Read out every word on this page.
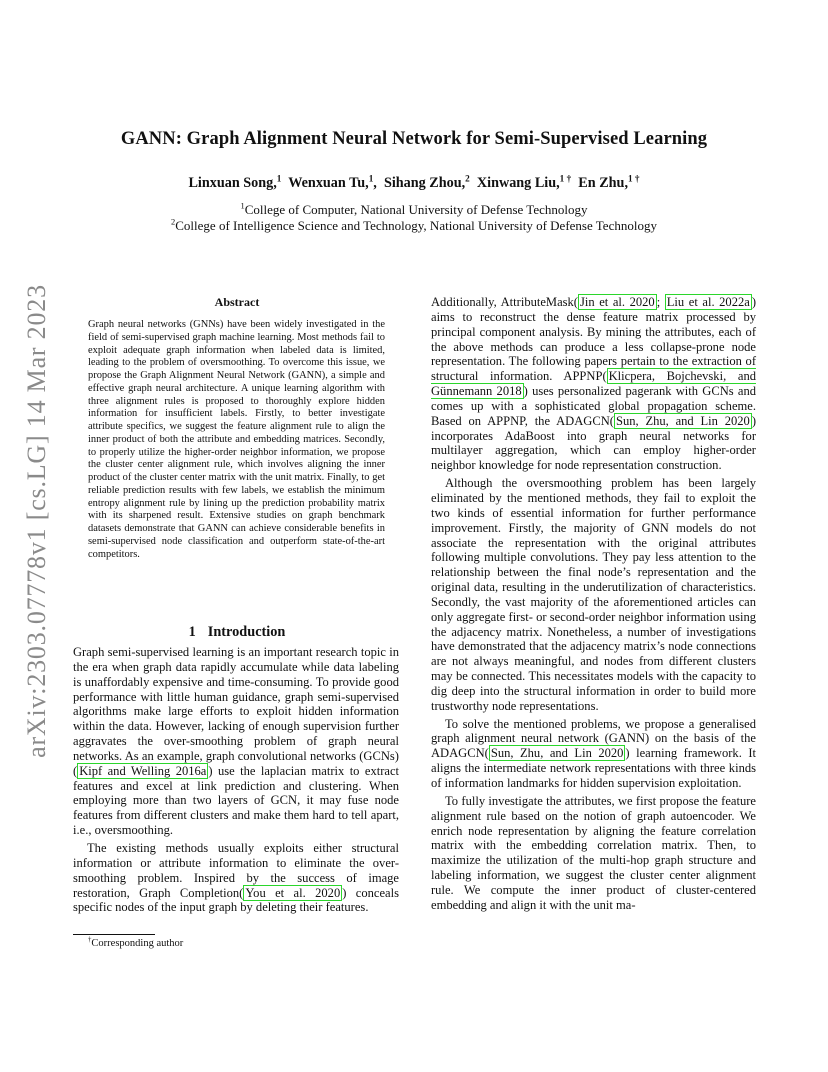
GANN: Graph Alignment Neural Network for Semi-Supervised Learning
Linxuan Song,$^1$ Wenxuan Tu,$^1$, Sihang Zhou,$^2$ Xinwang Liu,$^{1 \dagger}$ En Zhu,$^{1 \dagger}$
$^1$College of Computer, National University of Defense Technology
$^2$College of Intelligence Science and Technology, National University of Defense Technology
arXiv:2303.07778v1 [cs.LG] 14 Mar 2023	Abstract
Graph neural networks (GNNs) have been widely investigated in the field of semi-supervised graph machine learning. Most methods fail to exploit adequate graph information when labeled data is limited, leading to the problem of oversmoothing. To overcome this issue, we propose the Graph Alignment Neural Network (GANN), a simple and effective graph neural architecture. A unique learning algorithm with three alignment rules is proposed to thoroughly explore hidden information for insufficient labels. Firstly, to better investigate attribute specifics, we suggest the feature alignment rule to align the inner product of both the attribute and embedding matrices. Secondly, to properly utilize the higher-order neighbor information, we propose the cluster center alignment rule, which involves aligning the inner product of the cluster center matrix with the unit matrix. Finally, to get reliable prediction results with few labels, we establish the minimum entropy alignment rule by lining up the prediction probability matrix with its sharpened result. Extensive studies on graph benchmark datasets demonstrate that GANN can achieve considerable benefits in semi-supervised node classification and outperform state-of-the-art competitors.
1 Introduction

Graph semi-supervised learning is an important research topic in the era when graph data rapidly accumulate while data labeling is unaffordably expensive and time-consuming. To provide good performance with little human guidance, graph semi-supervised algorithms make large efforts to exploit hidden information within the data. However, lacking of enough supervision further aggravates the over-smoothing problem of graph neural networks. As an example, graph convolutional networks (GCNs)( Kipf and Welling 2016a ) use the laplacian matrix to extract features and excel at link prediction and clustering. When employing more than two layers of GCN, it may fuse node features from different clusters and make them hard to tell apart, i.e., oversmoothing.

The existing methods usually exploits either structural information or attribute information to eliminate the over-smoothing problem. Inspired by the success of image restoration, Graph Completion( You et al. 2020 ) conceals specific nodes of the input graph by deleting their features.

Additionally, AttributeMask( Jin et al. 2020 ; Liu et al. 2022a ) aims to reconstruct the dense feature matrix processed by principal component analysis. By mining the attributes, each of the above methods can produce a less collapse-prone node representation. The following papers pertain to the extraction of structural information. APPNP( Klicpera, Bojchevski, and Günnemann 2018 ) uses personalized pagerank with GCNs and comes up with a sophisticated global propagation scheme. Based on APPNP, the ADAGCN( Sun, Zhu, and Lin 2020 ) incorporates AdaBoost into graph neural networks for multilayer aggregation, which can employ higher-order neighbor knowledge for node representation construction.

Although the oversmoothing problem has been largely eliminated by the mentioned methods, they fail to exploit the two kinds of essential information for further performance improvement. Firstly, the majority of GNN models do not associate the representation with the original attributes following multiple convolutions. They pay less attention to the relationship between the final node’s representation and the original data, resulting in the underutilization of characteristics. Secondly, the vast majority of the aforementioned articles can only aggregate first- or second-order neighbor information using the adjacency matrix. Nonetheless, a number of investigations have demonstrated that the adjacency matrix’s node connections are not always meaningful, and nodes from different clusters may be connected. This necessitates models with the capacity to dig deep into the structural information in order to build more trustworthy node representations.

To solve the mentioned problems, we propose a generalised graph alignment neural network (GANN) on the basis of the ADAGCN( Sun, Zhu, and Lin 2020 ) learning framework. It aligns the intermediate network representations with three kinds of information landmarks for hidden supervision exploitation.

To fully investigate the attributes, we first propose the feature alignment rule based on the notion of graph autoencoder. We enrich node representation by aligning the feature correlation matrix with the embedding correlation matrix. Then, to maximize the utilization of the multi-hop graph structure and labeling information, we suggest the cluster center alignment rule. We compute the inner product of cluster-centered embedding and align it with the unit ma-

†Corresponding author
